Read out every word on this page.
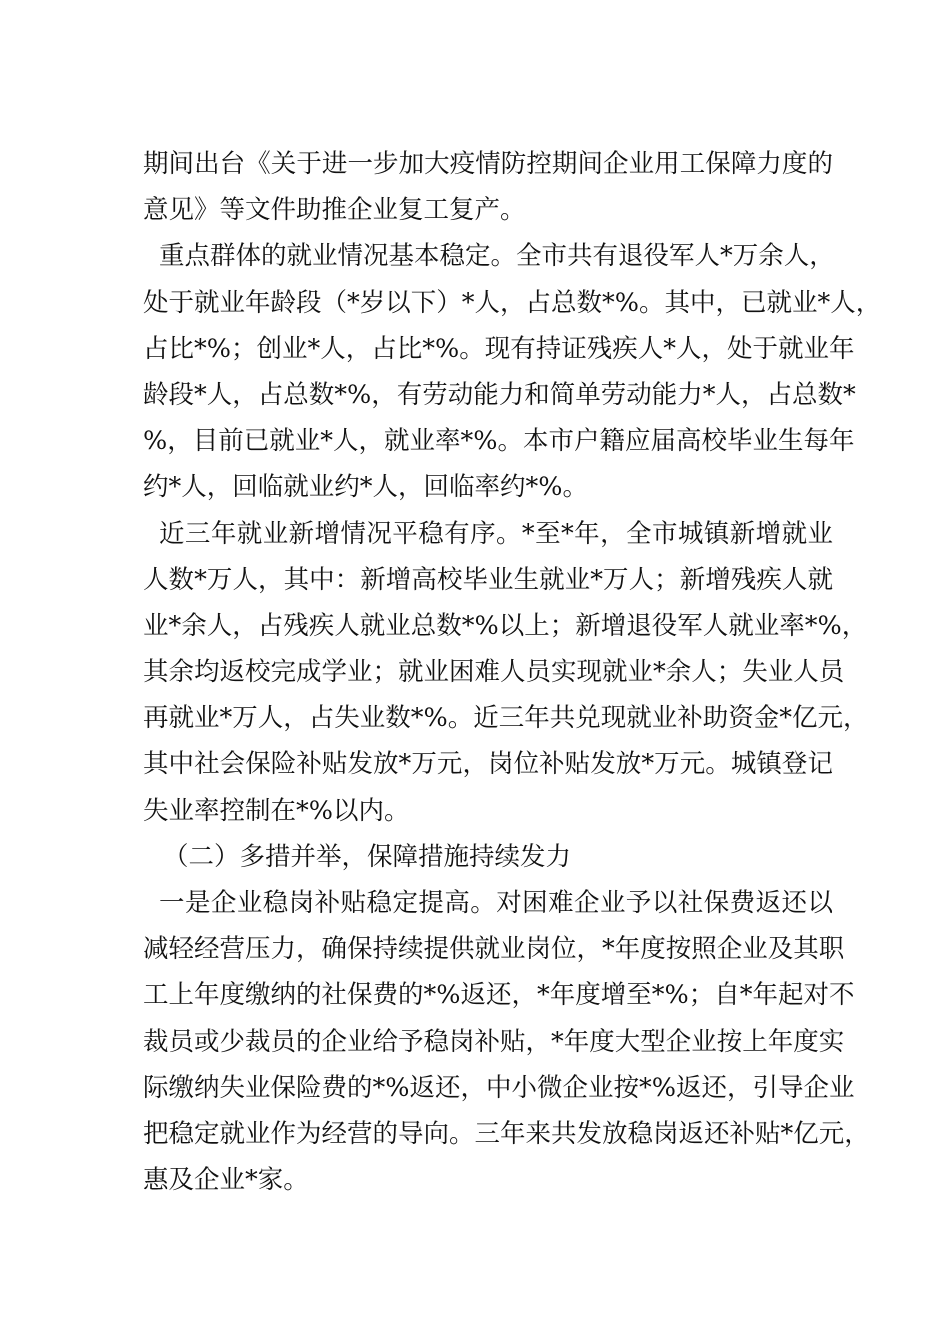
期间出台《关于进一步加大疫情防控期间企业用工保障力度的
意见》等文件助推企业复工复产。
重点群体的就业情况基本稳定。全市共有退役军人*万余人，
处于就业年龄段（*岁以下）*人，占总数*%。其中，已就业*人，
占比*%；创业*人，占比*%。现有持证残疾人*人，处于就业年
龄段*人，占总数*%，有劳动能力和简单劳动能力*人，占总数*
%，目前已就业*人，就业率*%。本市户籍应届高校毕业生每年
约*人，回临就业约*人，回临率约*%。
近三年就业新增情况平稳有序。*至*年，全市城镇新增就业
人数*万人，其中：新增高校毕业生就业*万人；新增残疾人就
业*余人，占残疾人就业总数*%以上；新增退役军人就业率*%，
其余均返校完成学业；就业困难人员实现就业*余人；失业人员
再就业*万人，占失业数*%。近三年共兑现就业补助资金*亿元，
其中社会保险补贴发放*万元，岗位补贴发放*万元。城镇登记
失业率控制在*%以内。
（二）多措并举，保障措施持续发力
一是企业稳岗补贴稳定提高。对困难企业予以社保费返还以
减轻经营压力，确保持续提供就业岗位，*年度按照企业及其职
工上年度缴纳的社保费的*%返还，*年度增至*%；自*年起对不
裁员或少裁员的企业给予稳岗补贴，*年度大型企业按上年度实
际缴纳失业保险费的*%返还，中小微企业按*%返还，引导企业
把稳定就业作为经营的导向。三年来共发放稳岗返还补贴*亿元，
惠及企业*家。
